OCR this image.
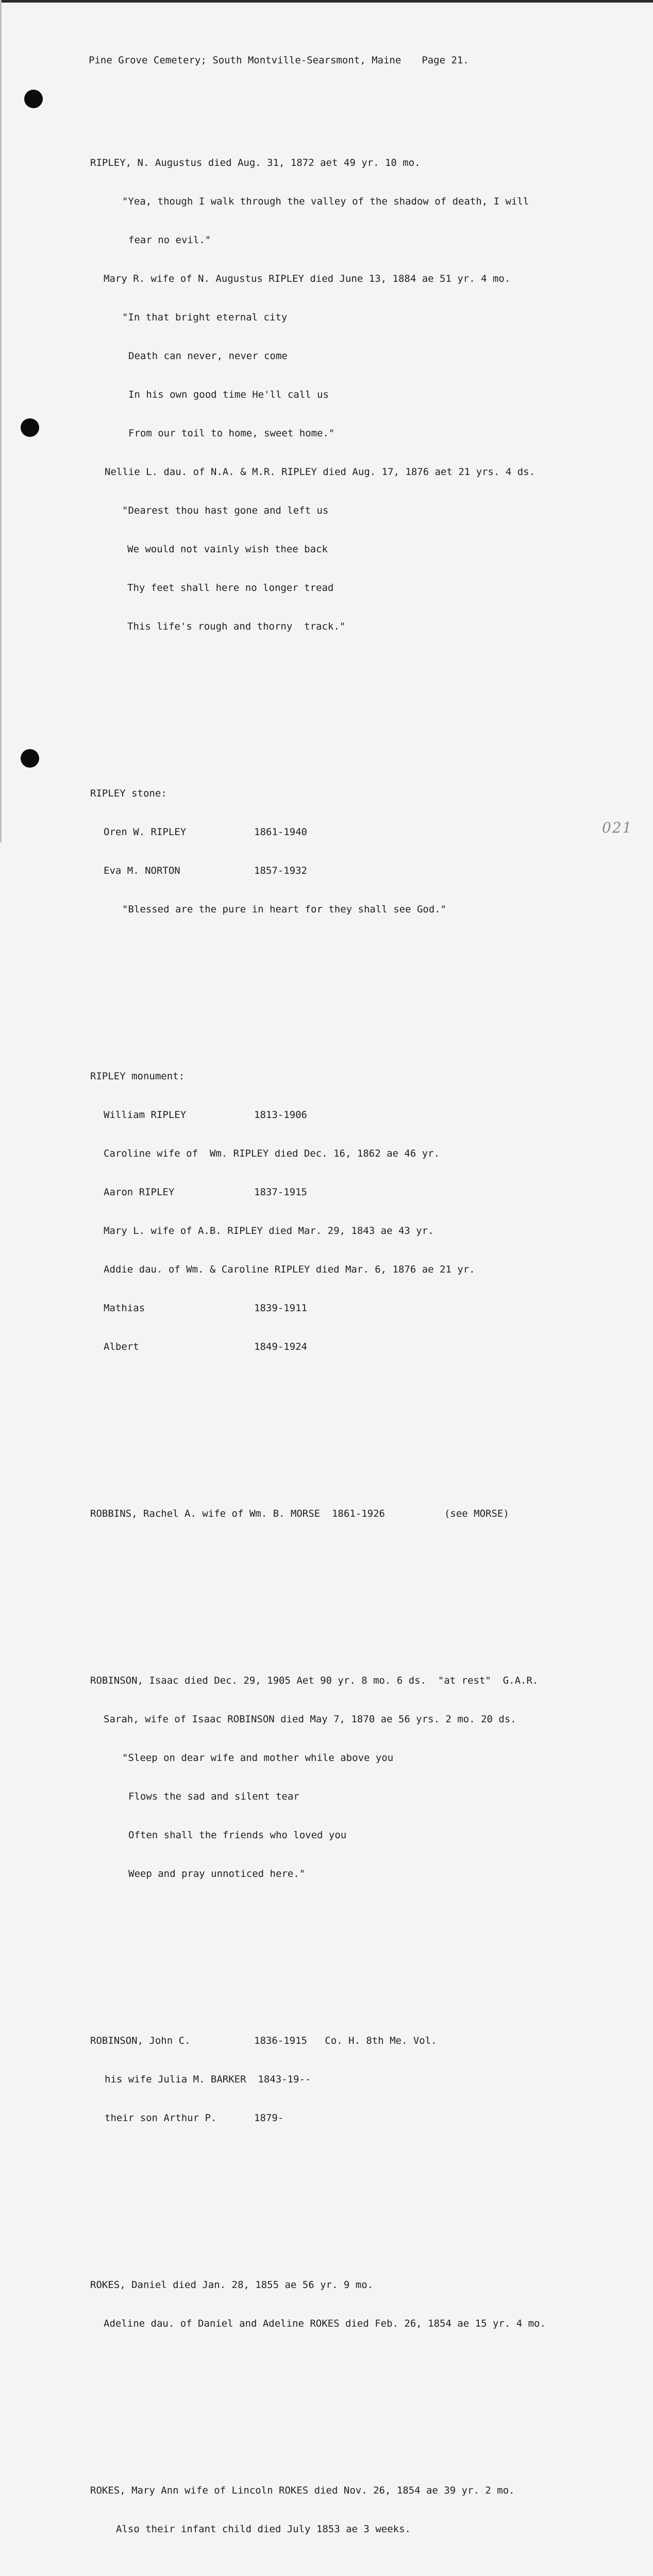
Pine Grove Cemetery; South Montville-Searsmont, Maine Page 21.

RIPLEY, N. Augustus died Aug. 31, 1872 aet 49 yr. 10 mo.

"Yea, though I walk through the valley of the shadow of death, I will

fear no evil."

Mary R. wife of N. Augustus RIPLEY died June 13, 1884 ae 51 yr. 4 mo.

"In that bright eternal city

Death can never, never come

In his own good time He'll call us

From our toil to home, sweet home."

Nellie L. dau. of N.A. & M.R. RIPLEY died Aug. 17, 1876 aet 21 yrs. 4 ds.

"Dearest thou hast gone and left us

We would not vainly wish thee back

Thy feet shall here no longer tread

This life's rough and thorny  track."

RIPLEY stone:

Oren W. RIPLEY	1861-1940

Eva M. NORTON	1857-1932

"Blessed are the pure in heart for they shall see God."

RIPLEY monument:

William RIPLEY	1813-1906

Caroline wife of  Wm. RIPLEY died Dec. 16, 1862 ae 46 yr.

Aaron RIPLEY	1837-1915

Mary L. wife of A.B. RIPLEY died Mar. 29, 1843 ae 43 yr.

Addie dau. of Wm. & Caroline RIPLEY died Mar. 6, 1876 ae 21 yr.

Mathias	1839-1911

Albert	1849-1924

ROBBINS, Rachel A. wife of Wm. B. MORSE  1861-1926	(see MORSE)

ROBINSON, Isaac died Dec. 29, 1905 Aet 90 yr. 8 mo. 6 ds.  "at rest"  G.A.R.

Sarah, wife of Isaac ROBINSON died May 7, 1870 ae 56 yrs. 2 mo. 20 ds.

"Sleep on dear wife and mother while above you

Flows the sad and silent tear

Often shall the friends who loved you

Weep and pray unnoticed here."

ROBINSON, John C.	1836-1915   Co. H. 8th Me. Vol.

his wife Julia M. BARKER  1843-19--

their son Arthur P.	1879-

ROKES, Daniel died Jan. 28, 1855 ae 56 yr. 9 mo.

Adeline dau. of Daniel and Adeline ROKES died Feb. 26, 1854 ae 15 yr. 4 mo.

ROKES, Mary Ann wife of Lincoln ROKES died Nov. 26, 1854 ae 39 yr. 2 mo.

Also their infant child died July 1853 ae 3 weeks.

021
